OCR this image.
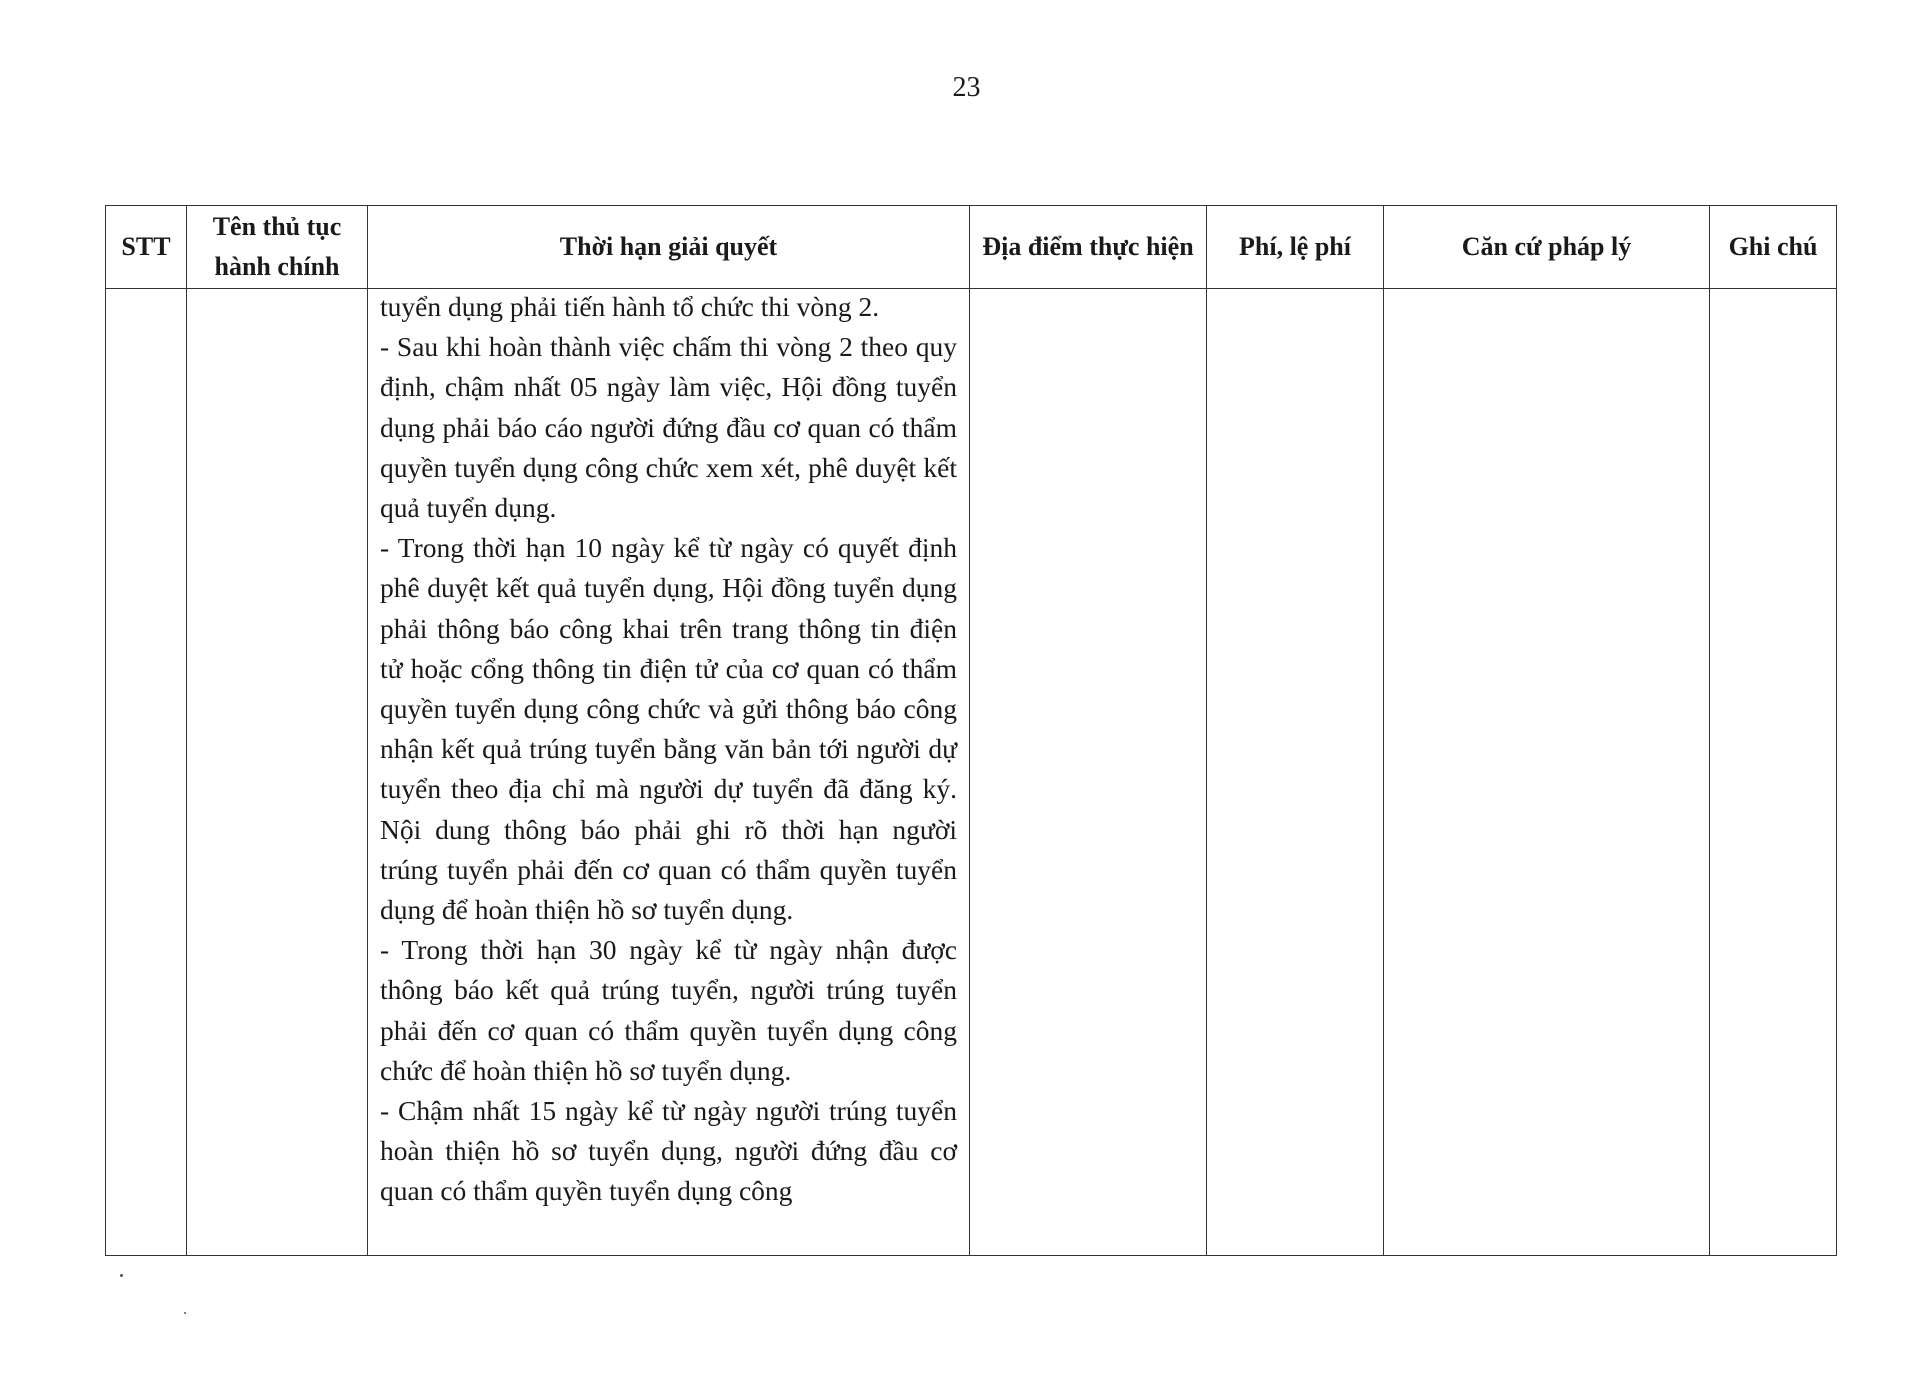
23
STT	Tên thủ tục hành chính	Thời hạn giải quyết	Địa điểm thực hiện	Phí, lệ phí	Căn cứ pháp lý	Ghi chú

		tuyển dụng phải tiến hành tổ chức thi vòng 2.
- Sau khi hoàn thành việc chấm thi vòng 2 theo quy định, chậm nhất 05 ngày làm việc, Hội đồng tuyển dụng phải báo cáo người đứng đầu cơ quan có thẩm quyền tuyển dụng công chức xem xét, phê duyệt kết quả tuyển dụng.
- Trong thời hạn 10 ngày kể từ ngày có quyết định phê duyệt kết quả tuyển dụng, Hội đồng tuyển dụng phải thông báo công khai trên trang thông tin điện tử hoặc cổng thông tin điện tử của cơ quan có thẩm quyền tuyển dụng công chức và gửi thông báo công nhận kết quả trúng tuyển bằng văn bản tới người dự tuyển theo địa chỉ mà người dự tuyển đã đăng ký. Nội dung thông báo phải ghi rõ thời hạn người trúng tuyển phải đến cơ quan có thẩm quyền tuyển dụng để hoàn thiện hồ sơ tuyển dụng.
- Trong thời hạn 30 ngày kể từ ngày nhận được thông báo kết quả trúng tuyển, người trúng tuyển phải đến cơ quan có thẩm quyền tuyển dụng công chức để hoàn thiện hồ sơ tuyển dụng.
- Chậm nhất 15 ngày kể từ ngày người trúng tuyển hoàn thiện hồ sơ tuyển dụng, người đứng đầu cơ quan có thẩm quyền tuyển dụng công				
